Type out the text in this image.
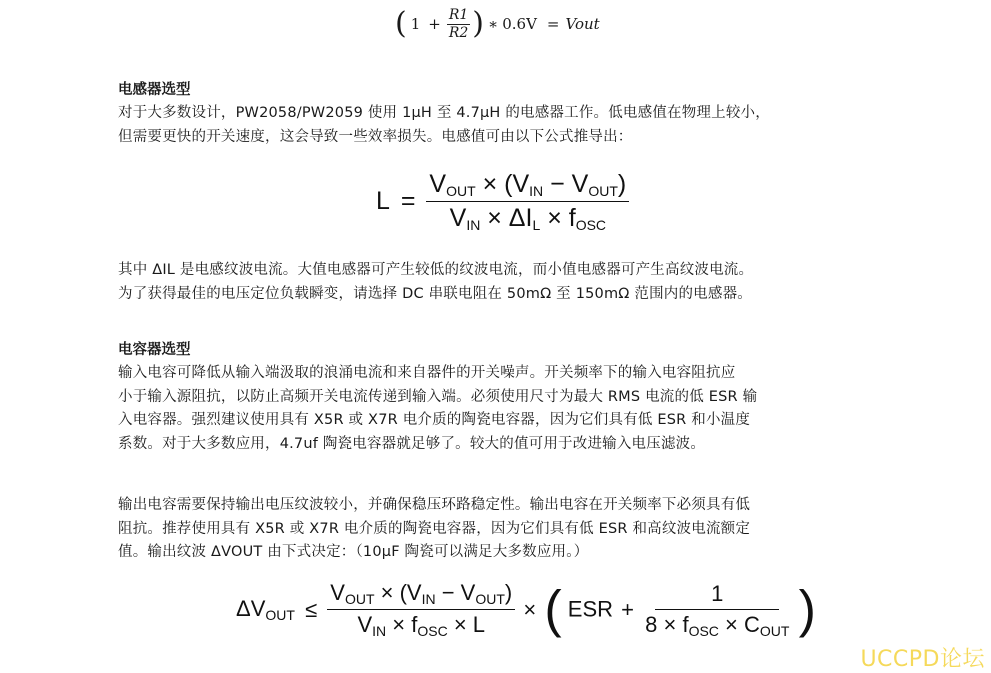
( $1 + \frac{R1}{R2}$ ) ∗ 0.6V = Vout
电感器选型
对于大多数设计，PW2058/PW2059 使用 1μH 至 4.7μH 的电感器工作。低电感值在物理上较小，
但需要更快的开关速度，这会导致一些效率损失。电感值可由以下公式推导出：
$L = \frac{V_{OUT} \times (V_{IN} - V_{OUT})}{V_{IN} \times \Delta I_L \times f_{OSC}}$
其中 ΔIL 是电感纹波电流。大值电感器可产生较低的纹波电流，而小值电感器可产生高纹波电流。
为了获得最佳的电压定位负载瞬变，请选择 DC 串联电阻在 50mΩ 至 150mΩ 范围内的电感器。
电容器选型
输入电容可降低从输入端汲取的浪涌电流和来自器件的开关噪声。开关频率下的输入电容阻抗应
小于输入源阻抗，以防止高频开关电流传递到输入端。必须使用尺寸为最大 RMS 电流的低 ESR 输
入电容器。强烈建议使用具有 X5R 或 X7R 电介质的陶瓷电容器，因为它们具有低 ESR 和小温度
系数。对于大多数应用，4.7uf 陶瓷电容器就足够了。较大的值可用于改进输入电压滤波。
输出电容需要保持输出电压纹波较小，并确保稳压环路稳定性。输出电容在开关频率下必须具有低
阻抗。推荐使用具有 X5R 或 X7R 电介质的陶瓷电容器，因为它们具有低 ESR 和高纹波电流额定
值。输出纹波 ΔVOUT 由下式决定：（10μF 陶瓷可以满足大多数应用。）
$\Delta V_{OUT} \le \frac{V_{OUT} \times (V_{IN} - V_{OUT})}{V_{IN} \times f_{OSC} \times L}$ × ( ESR + $\frac{1}{8 \times f_{OSC} \times C_{OUT}}$ )
UCCPD论坛
